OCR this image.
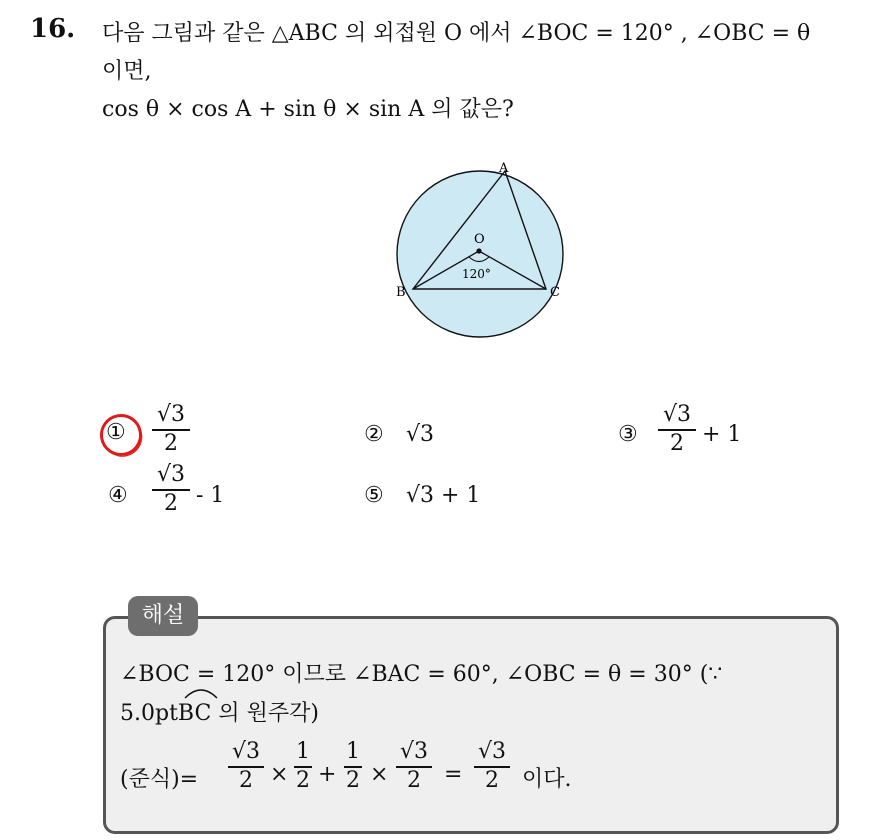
16. 다음 그림과 같은 △ABC 의 외접원 O 에서 ∠BOC = 120° , ∠OBC = θ
이면,
cos θ × cos A + sin θ × sin A 의 값은?
A
B	C
O
120°
①
√3
2	② √3	③
√3
2 + 1
④
√3
2 - 1	⑤ √3 + 1
해설
∠BOC = 120° 이므로 ∠BAC = 60°, ∠OBC = θ = 30° (∵
5.0ptBC 의 원주각)
(준식)=
√3
2 ×
1
2 +
1
2 ×
√3
2	=
√3
2	이다.
